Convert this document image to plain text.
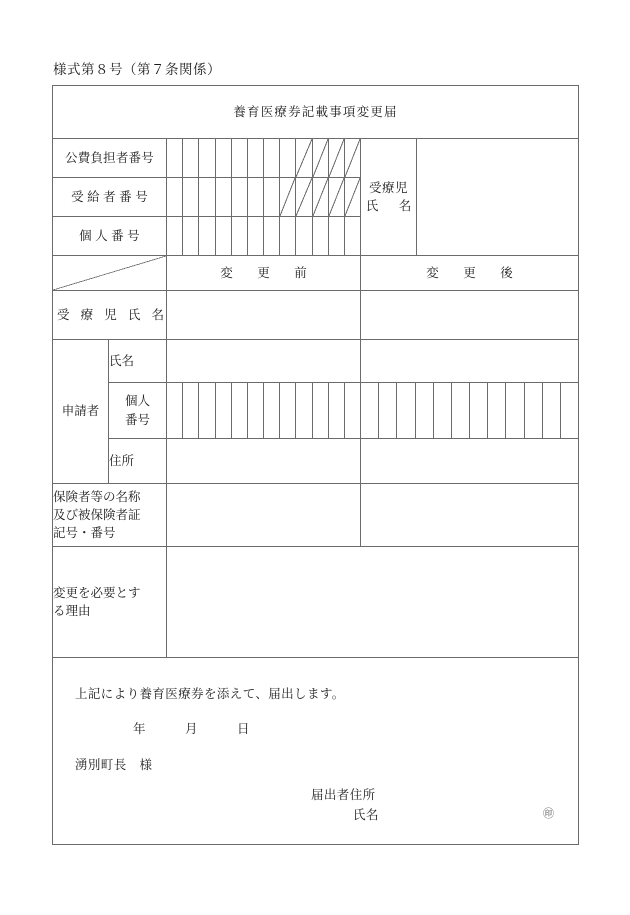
様式第８号（第７条関係）
養育医療券記載事項変更届				
公費負担者番号			受療児
氏　名	

受 給 者 番 号				

個 人 番 号				

		変　更　前	変　更　後	
受 療 児 氏 名				
申請者	氏名			

	個人
番号			

	住所			

保険者等の名称
及び被保険者証
記号・番号				

変更を必要とす
る理由				

上記により養育医療券を添えて、届出します。
年	月	日
湧別町長　様
届出者住所
氏名	㊞
